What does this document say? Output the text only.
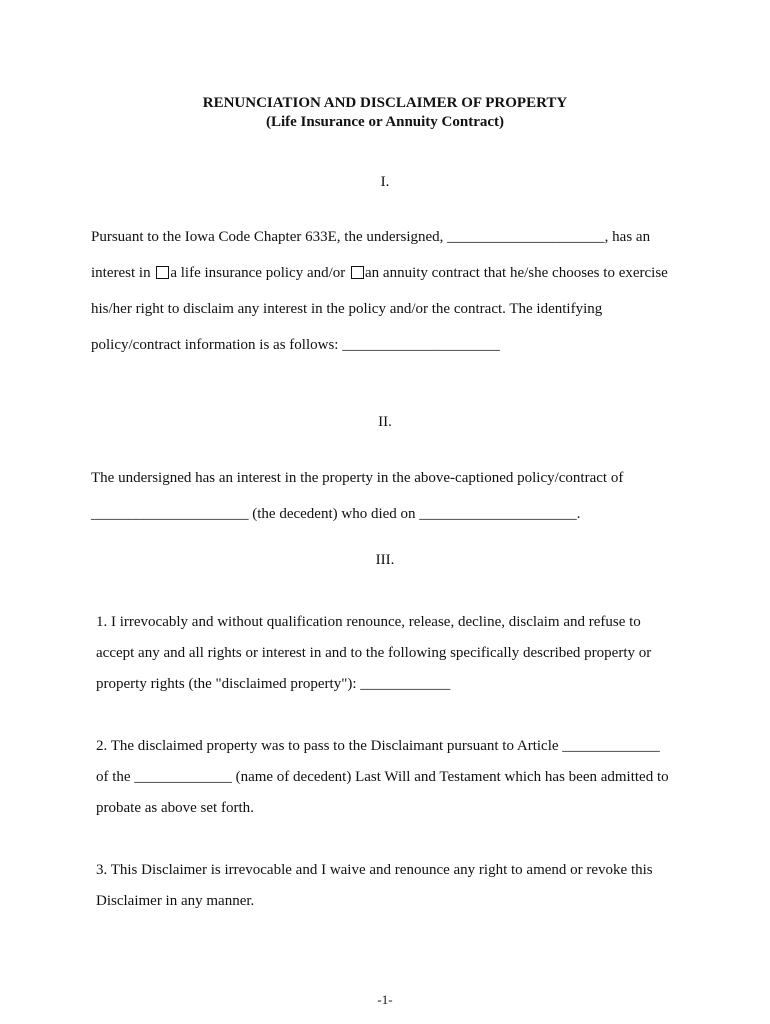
RENUNCIATION AND DISCLAIMER OF PROPERTY
(Life Insurance or Annuity Contract)
I.
Pursuant to the Iowa Code Chapter 633E, the undersigned, _____________________, has an
interest in a life insurance policy and/or an annuity contract that he/she chooses to exercise
his/her right to disclaim any interest in the policy and/or the contract. The identifying
policy/contract information is as follows: _____________________
II.
The undersigned has an interest in the property in the above-captioned policy/contract of
_____________________ (the decedent) who died on _____________________.
III.
1. I irrevocably and without qualification renounce, release, decline, disclaim and refuse to
accept any and all rights or interest in and to the following specifically described property or
property rights (the "disclaimed property"): ____________
2. The disclaimed property was to pass to the Disclaimant pursuant to Article _____________
of the _____________ (name of decedent) Last Will and Testament which has been admitted to
probate as above set forth.
3. This Disclaimer is irrevocable and I waive and renounce any right to amend or revoke this
Disclaimer in any manner.
-1-
